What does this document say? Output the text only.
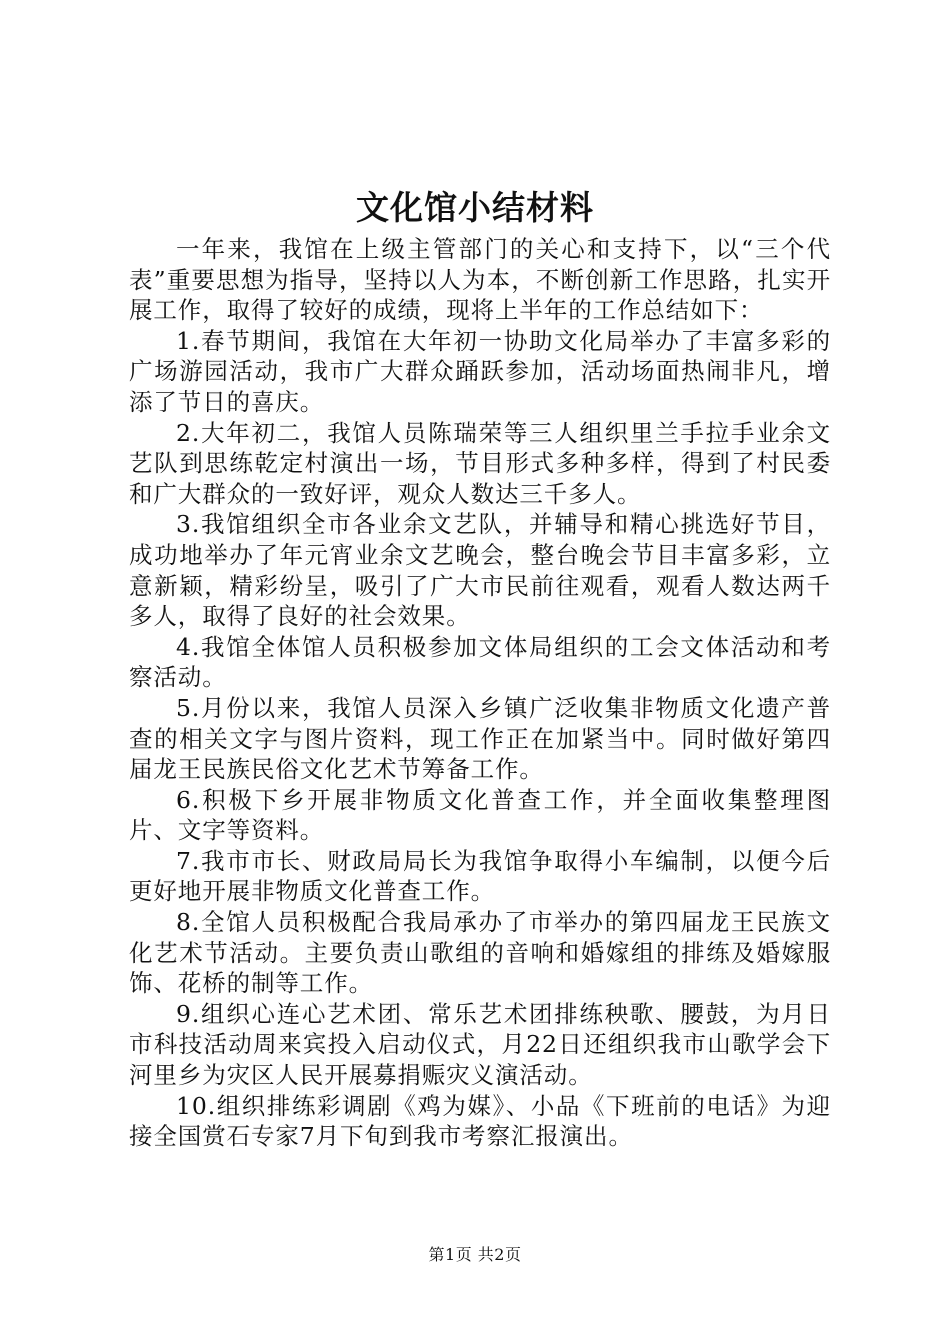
文化馆小结材料

一年来，我馆在上级主管部门的关心和支持下，以“三个代表”重要思想为指导，坚持以人为本，不断创新工作思路，扎实开展工作，取得了较好的成绩，现将上半年的工作总结如下：

1.春节期间，我馆在大年初一协助文化局举办了丰富多彩的广场游园活动，我市广大群众踊跃参加，活动场面热闹非凡，增添了节日的喜庆。

2.大年初二，我馆人员陈瑞荣等三人组织里兰手拉手业余文艺队到思练乾定村演出一场，节目形式多种多样，得到了村民委和广大群众的一致好评，观众人数达三千多人。

3.我馆组织全市各业余文艺队，并辅导和精心挑选好节目，成功地举办了年元宵业余文艺晚会，整台晚会节目丰富多彩，立意新颖，精彩纷呈，吸引了广大市民前往观看，观看人数达两千多人，取得了良好的社会效果。

4.我馆全体馆人员积极参加文体局组织的工会文体活动和考察活动。

5.月份以来，我馆人员深入乡镇广泛收集非物质文化遗产普查的相关文字与图片资料，现工作正在加紧当中。同时做好第四届龙王民族民俗文化艺术节筹备工作。

6.积极下乡开展非物质文化普查工作，并全面收集整理图片、文字等资料。

7.我市市长、财政局局长为我馆争取得小车编制，以便今后更好地开展非物质文化普查工作。

8.全馆人员积极配合我局承办了市举办的第四届龙王民族文化艺术节活动。主要负责山歌组的音响和婚嫁组的排练及婚嫁服饰、花桥的制等工作。

9.组织心连心艺术团、常乐艺术团排练秧歌、腰鼓，为月日市科技活动周来宾投入启动仪式，月22日还组织我市山歌学会下河里乡为灾区人民开展募捐赈灾义演活动。

10.组织排练彩调剧《鸡为媒》、小品《下班前的电话》为迎接全国赏石专家7月下旬到我市考察汇报演出。

第1页 共2页
